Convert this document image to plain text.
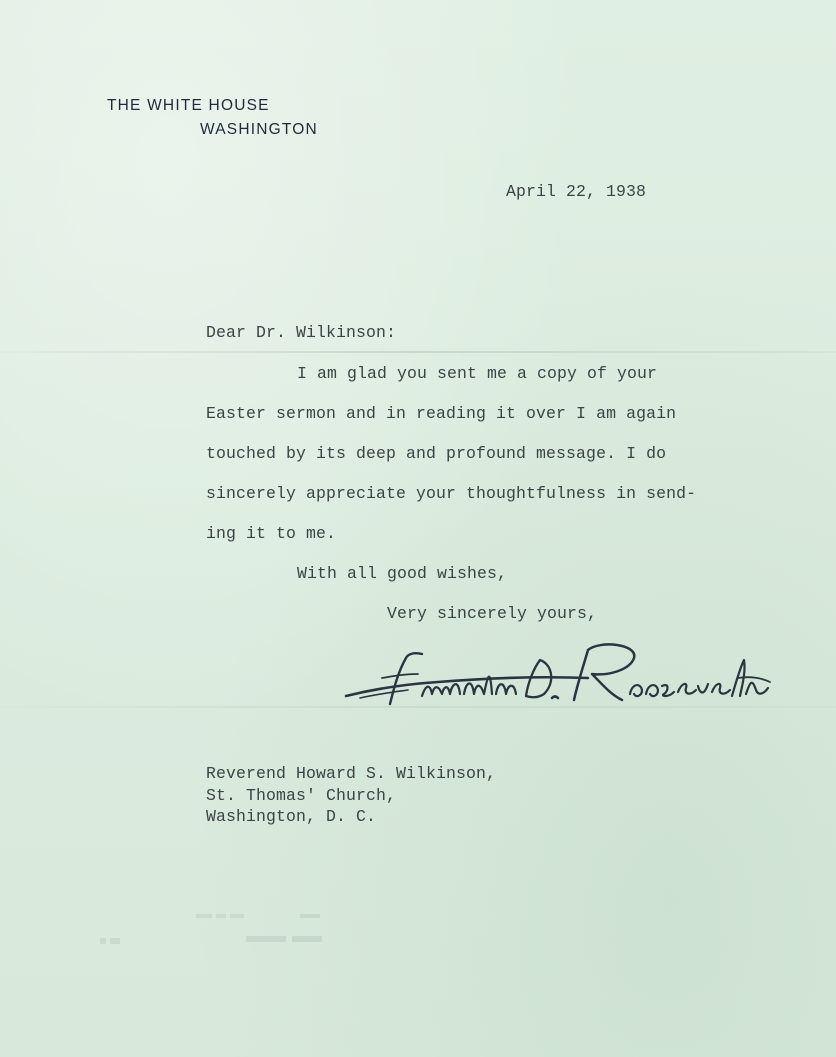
THE WHITE HOUSE
WASHINGTON
April 22, 1938
Dear Dr. Wilkinson:
I am glad you sent me a copy of your
Easter sermon and in reading it over I am again
touched by its deep and profound message. I do
sincerely appreciate your thoughtfulness in send-
ing it to me.
With all good wishes,
Very sincerely yours,
Reverend Howard S. Wilkinson,
St. Thomas' Church,
Washington, D. C.
